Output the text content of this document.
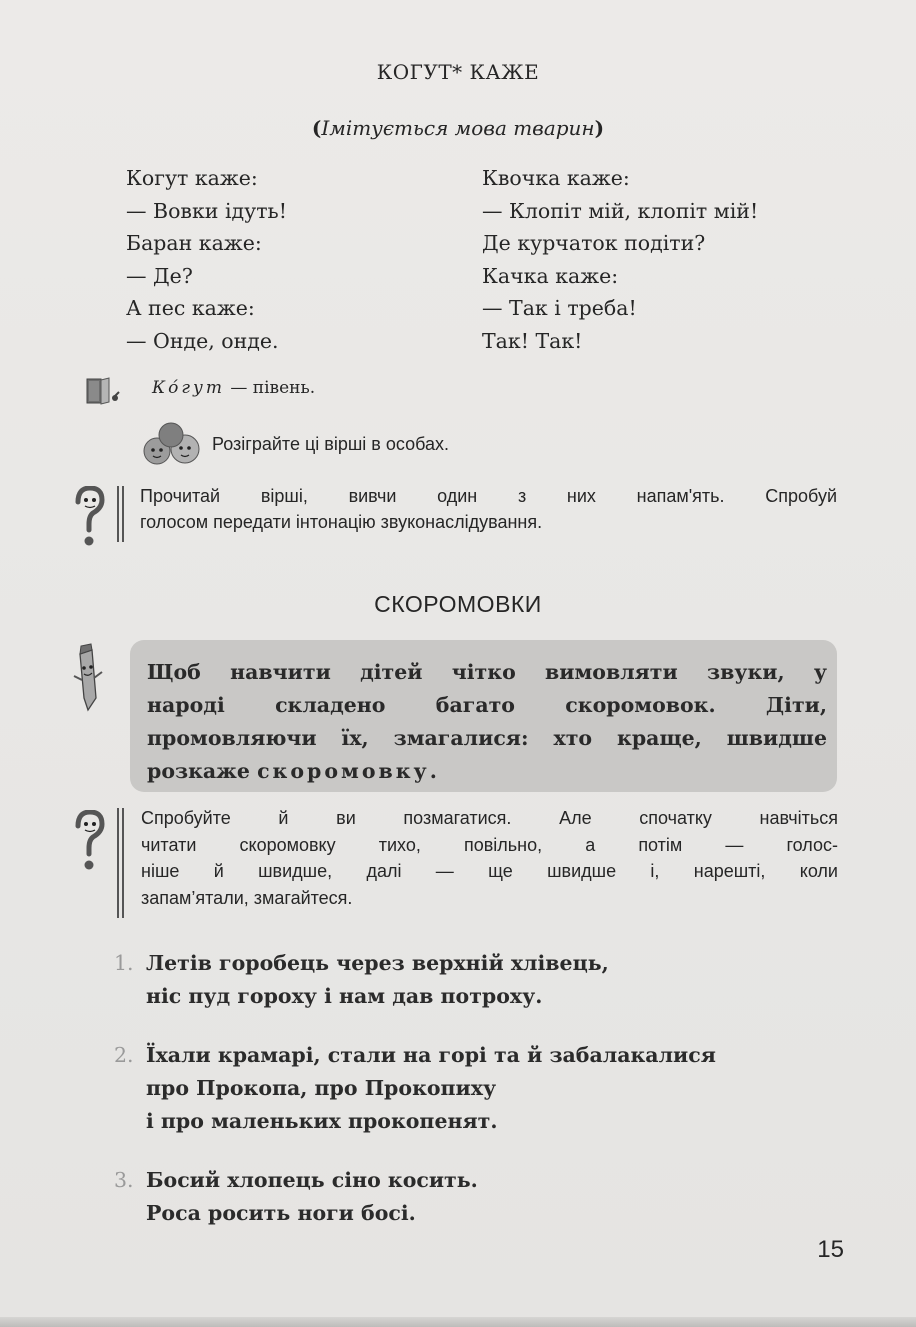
КОГУТ* КАЖЕ
(Імітується мова тварин)
Когут каже:
— Вовки ідуть!
Баран каже:
— Де?
А пес каже:
— Онде, онде.
Квочка каже:
— Клопіт мій, клопіт мій!
Де курчаток подіти?
Качка каже:
— Так і треба!
Так! Так!
Ко́гут — півень.
Розіграйте ці вірші в особах.
Прочитай вірші, вивчи один з них напам'ять. Спробуй
голосом передати інтонацію звуконаслідування.
СКОРОМОВКИ
Щоб навчити дітей чітко вимовляти звуки, у
народі складено багато скоромовок. Діти,
промовляючи їх, змагалися: хто краще, швидше
розкаже скоромовку.
Спробуйте й ви позмагатися. Але спочатку навчіться
читати скоромовку тихо, повільно, а потім — голос-
ніше й швидше, далі — ще швидше і, нарешті, коли
запам’ятали, змагайтеся.
1. Летів горобець через верхній хлівець,
ніс пуд гороху і нам дав потроху.
2. Їхали крамарі, стали на горі та й забалакалися
про Прокопа, про Прокопиху
і про маленьких прокопенят.
3. Босий хлопець сіно косить.
Роса росить ноги босі.
15
